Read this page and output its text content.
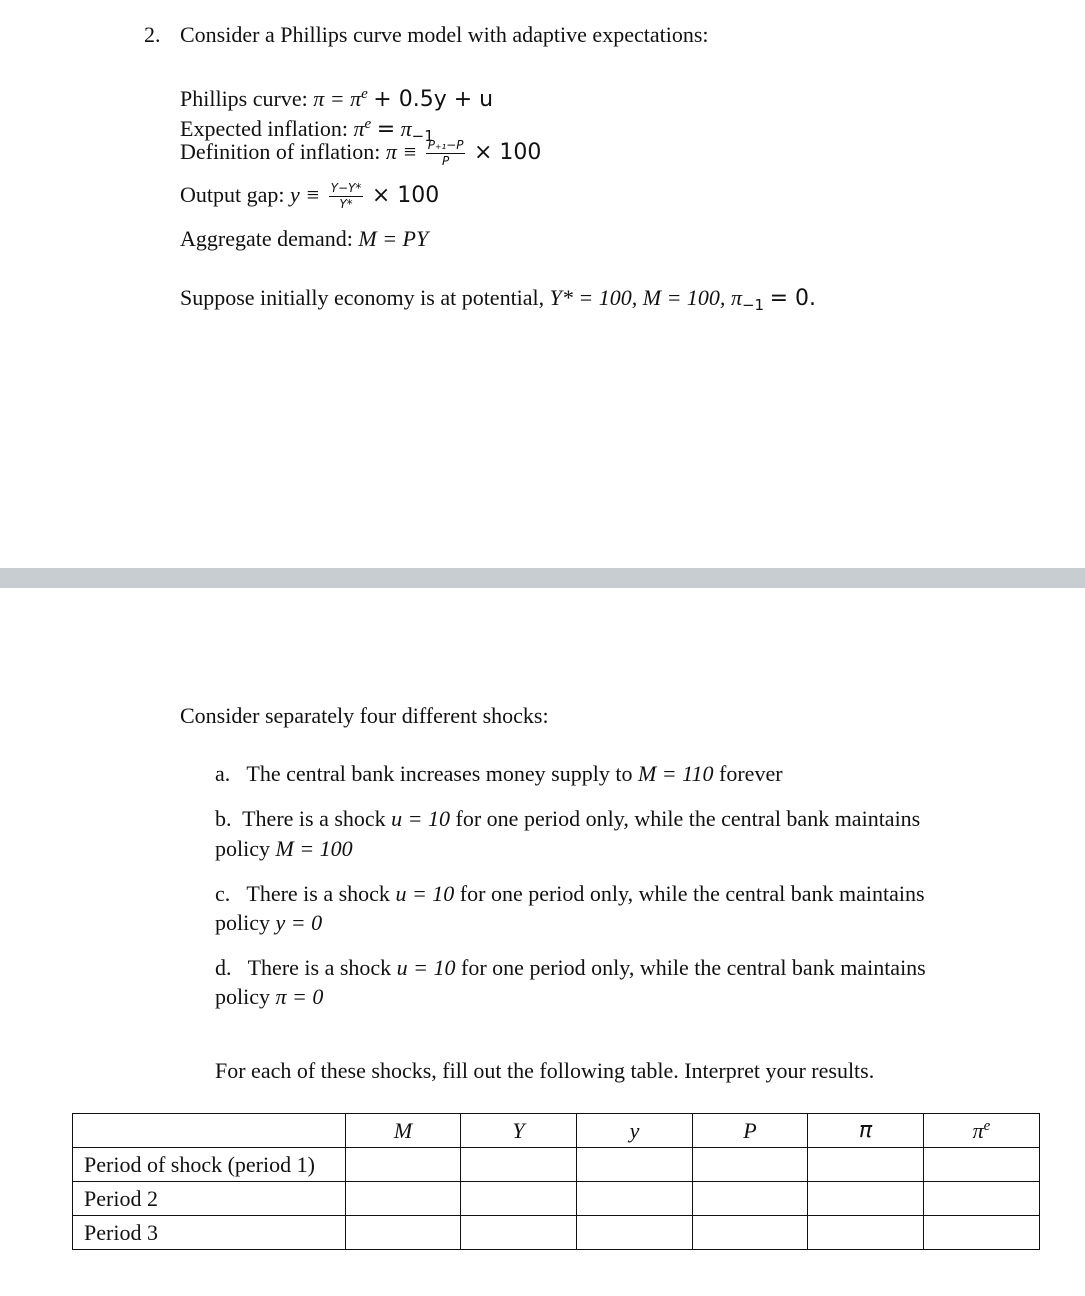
2. Consider a Phillips curve model with adaptive expectations:
Phillips curve: $\pi = \pi^e + 0.5y + u$
Expected inflation: $\pi^e = \pi_{-1}$
Definition of inflation: $\pi \equiv \frac{\text{P₊₁−P}}{P} \times 100$
Output gap: $y \equiv \frac{Y-Y*}{Y*} \times 100$
Aggregate demand: M = PY
Suppose initially economy is at potential, Y* = 100, M = 100, $\pi_{-1} = 0$.
Consider separately four different shocks:
a. The central bank increases money supply to M = 110 forever
b. There is a shock u = 10 for one period only, while the central bank maintains
policy M = 100
c. There is a shock u = 10 for one period only, while the central bank maintains
policy y = 0
d. There is a shock u = 10 for one period only, while the central bank maintains
policy π = 0
For each of these shocks, fill out the following table. Interpret your results.
	M	Y	y	P	π	$\pi^e$
Period of shock (period 1)						
Period 2						
Period 3						
